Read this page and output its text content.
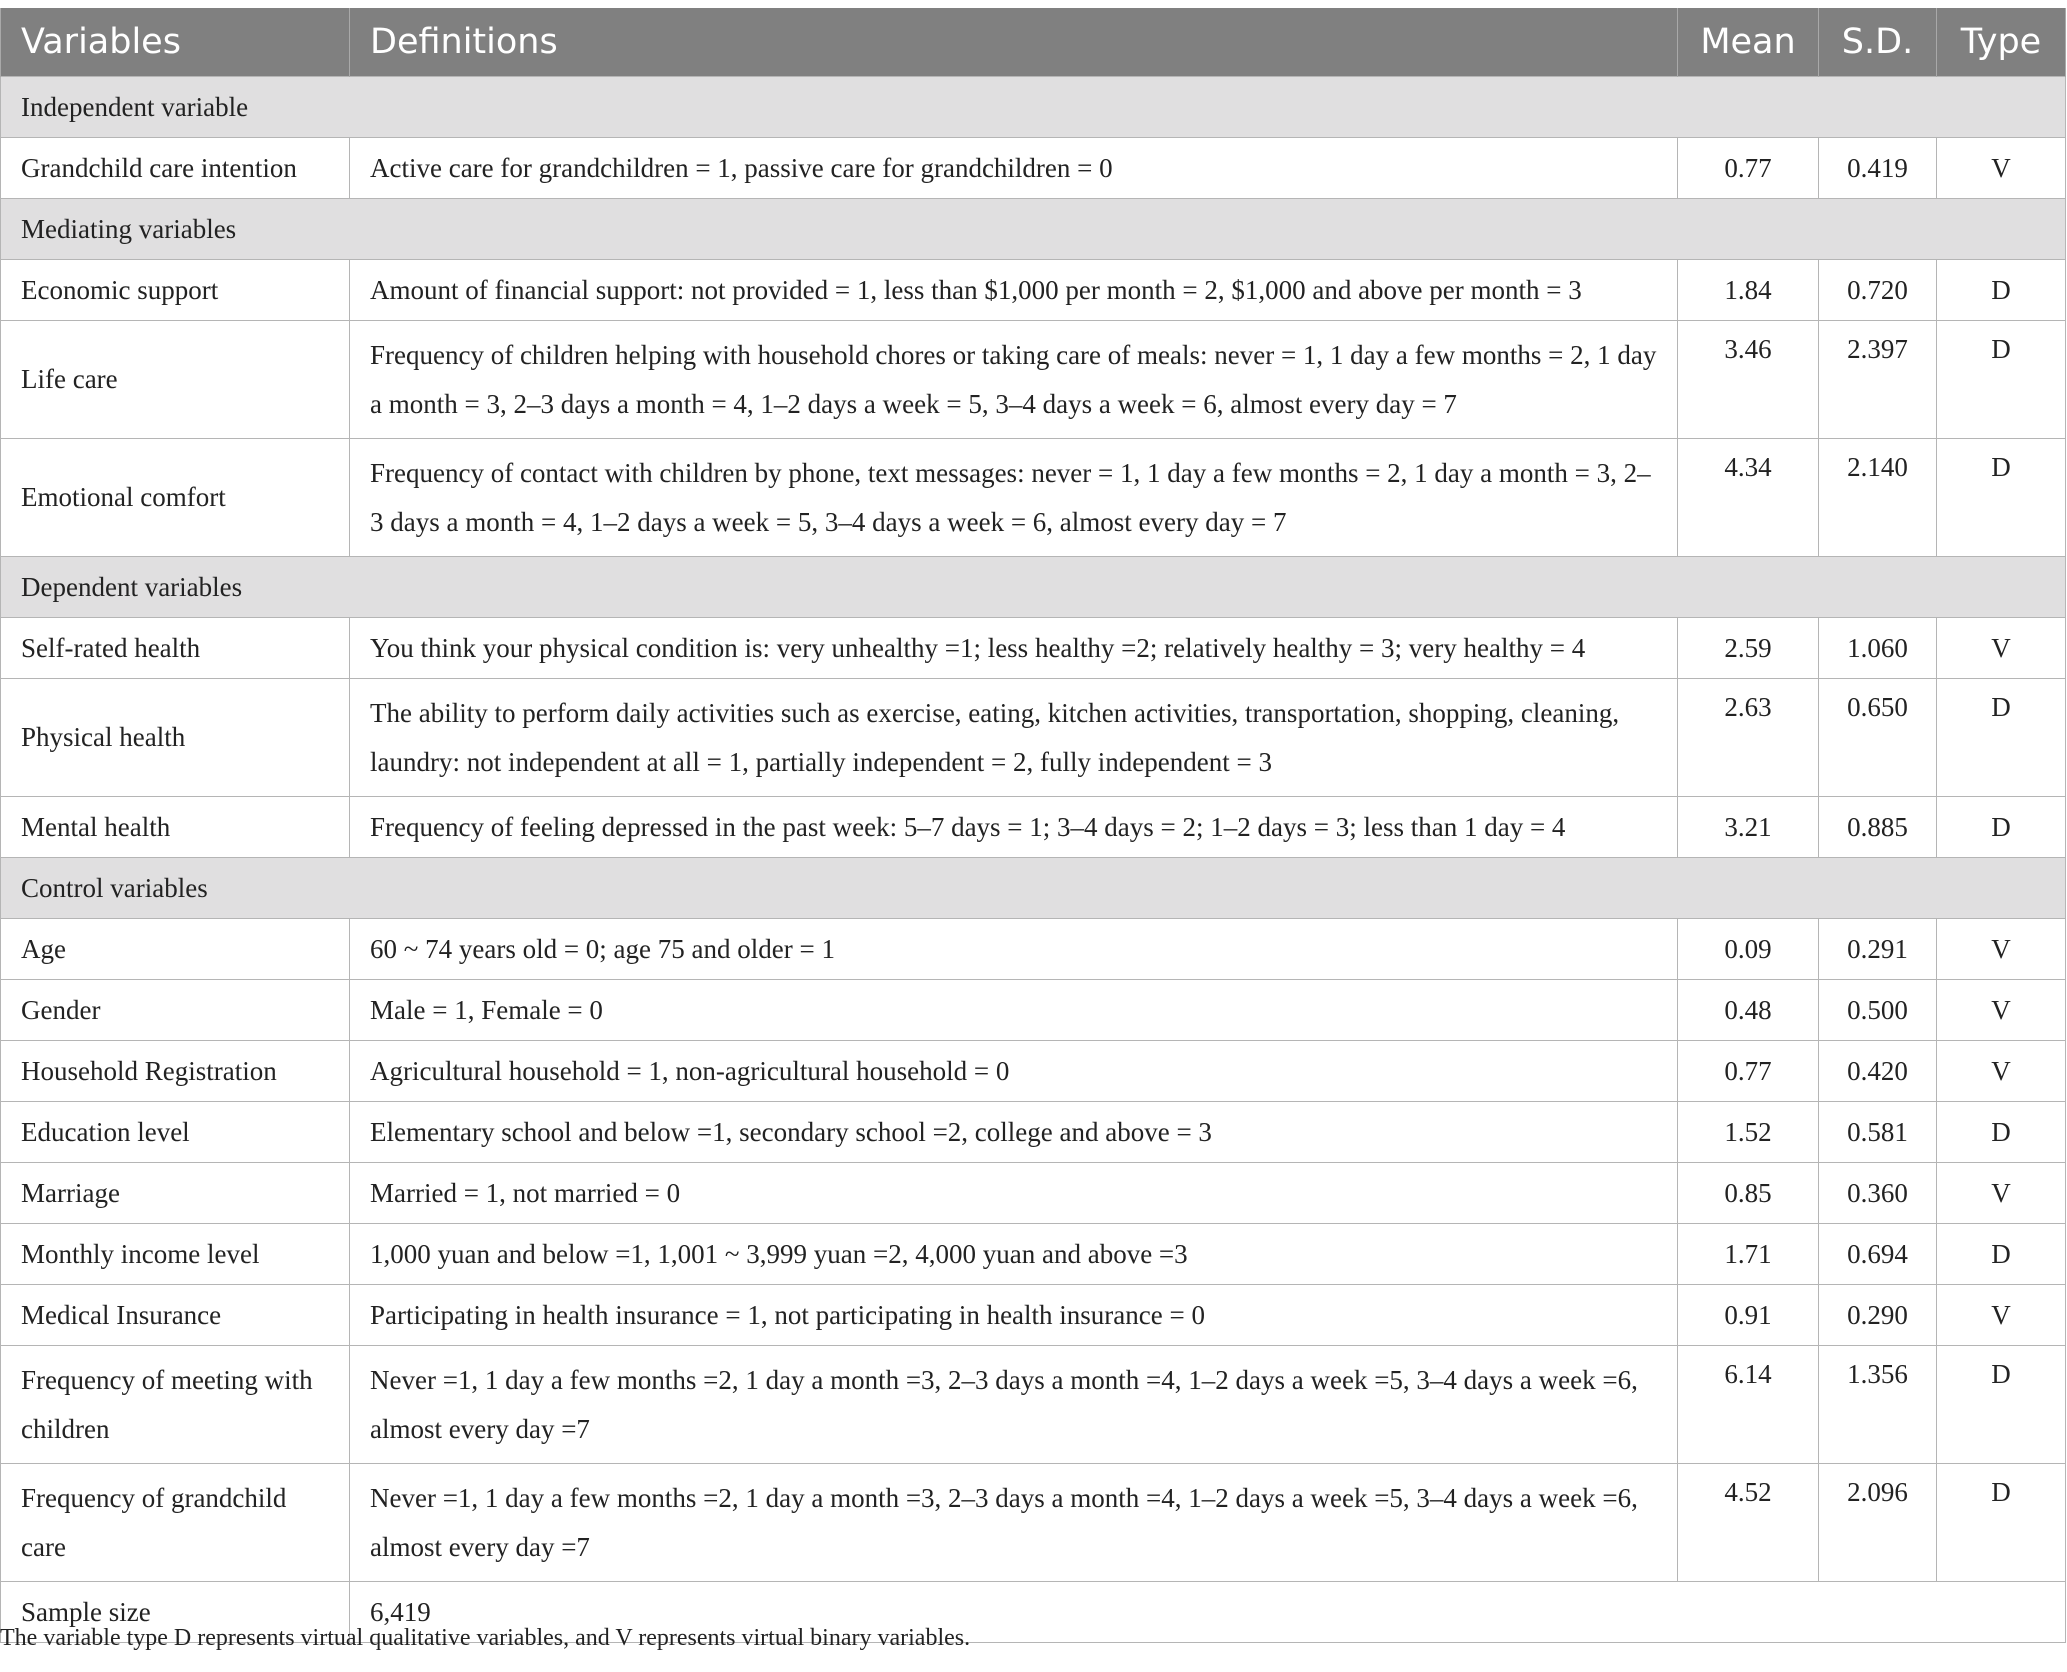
Variables	Definitions	Mean	S.D.	Type
Independent variable				
Grandchild care intention	Active care for grandchildren = 1, passive care for grandchildren = 0	0.77	0.419	V
Mediating variables				
Economic support	Amount of financial support: not provided = 1, less than $1,000 per month = 2, $1,000 and above per month = 3	1.84	0.720	D
Life care	Frequency of children helping with household chores or taking care of meals: never = 1, 1 day a few months = 2, 1 day a month = 3, 2–3 days a month = 4, 1–2 days a week = 5, 3–4 days a week = 6, almost every day = 7	3.46	2.397	D
Emotional comfort	Frequency of contact with children by phone, text messages: never = 1, 1 day a few months = 2, 1 day a month = 3, 2–3 days a month = 4, 1–2 days a week = 5, 3–4 days a week = 6, almost every day = 7	4.34	2.140	D
Dependent variables				
Self-rated health	You think your physical condition is: very unhealthy =1; less healthy =2; relatively healthy = 3; very healthy = 4	2.59	1.060	V
Physical health	The ability to perform daily activities such as exercise, eating, kitchen activities, transportation, shopping, cleaning, laundry: not independent at all = 1, partially independent = 2, fully independent = 3	2.63	0.650	D
Mental health	Frequency of feeling depressed in the past week: 5–7 days = 1; 3–4 days = 2; 1–2 days = 3; less than 1 day = 4	3.21	0.885	D
Control variables				
Age	60 ~ 74 years old = 0; age 75 and older = 1	0.09	0.291	V
Gender	Male = 1, Female = 0	0.48	0.500	V
Household Registration	Agricultural household = 1, non-agricultural household = 0	0.77	0.420	V
Education level	Elementary school and below =1, secondary school =2, college and above = 3	1.52	0.581	D
Marriage	Married = 1, not married = 0	0.85	0.360	V
Monthly income level	1,000 yuan and below =1, 1,001 ~ 3,999 yuan =2, 4,000 yuan and above =3	1.71	0.694	D
Medical Insurance	Participating in health insurance = 1, not participating in health insurance = 0	0.91	0.290	V
Frequency of meeting with children	Never =1, 1 day a few months =2, 1 day a month =3, 2–3 days a month =4, 1–2 days a week =5, 3–4 days a week =6, almost every day =7	6.14	1.356	D
Frequency of grandchild care	Never =1, 1 day a few months =2, 1 day a month =3, 2–3 days a month =4, 1–2 days a week =5, 3–4 days a week =6, almost every day =7	4.52	2.096	D
Sample size	6,419			
The variable type D represents virtual qualitative variables, and V represents virtual binary variables.
